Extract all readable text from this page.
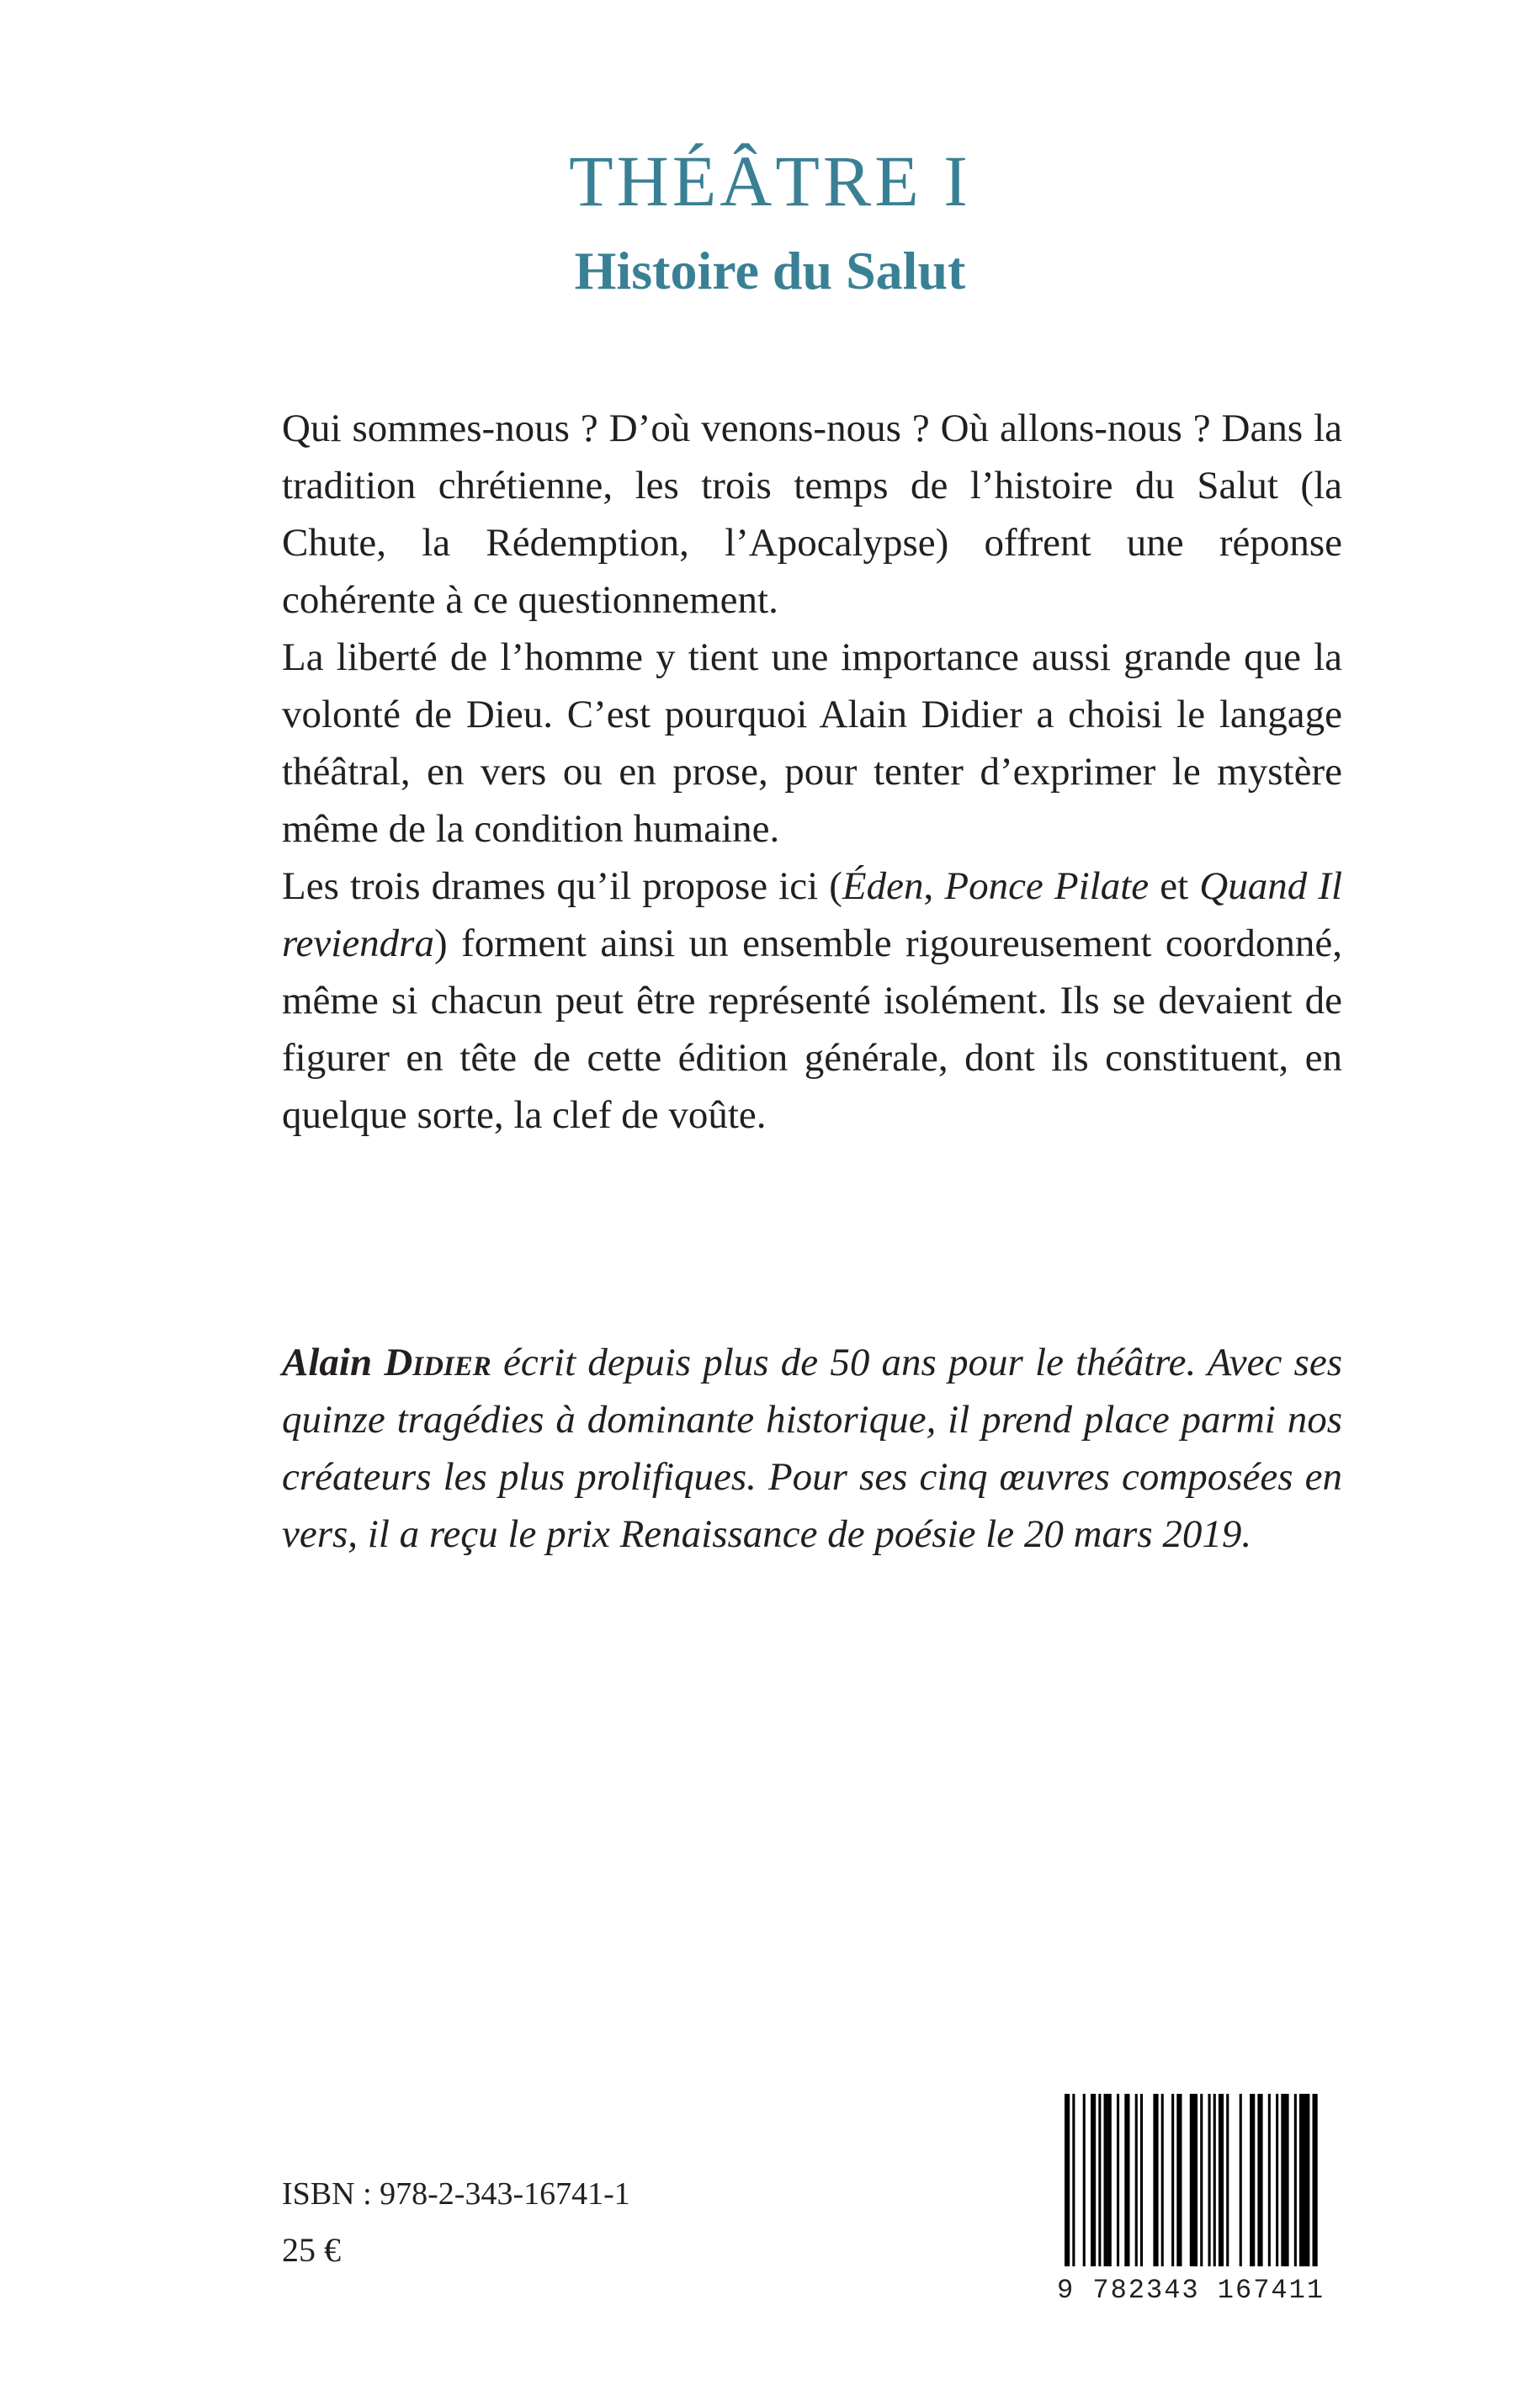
THÉÂTRE I
Histoire du Salut

Qui sommes-nous ? D’où venons-nous ? Où allons-nous ? Dans la tradition chrétienne, les trois temps de l’histoire du Salut (la Chute, la Rédemption, l’Apocalypse) offrent une réponse cohérente à ce questionnement.

La liberté de l’homme y tient une importance aussi grande que la volonté de Dieu. C’est pourquoi Alain Didier a choisi le langage théâtral, en vers ou en prose, pour tenter d’exprimer le mystère même de la condition humaine.

Les trois drames qu’il propose ici (Éden, Ponce Pilate et Quand Il reviendra) forment ainsi un ensemble rigoureusement coordonné, même si chacun peut être représenté isolément. Ils se devaient de figurer en tête de cette édition générale, dont ils constituent, en quelque sorte, la clef de voûte.

Alain Didier écrit depuis plus de 50 ans pour le théâtre. Avec ses quinze tragédies à dominante historique, il prend place parmi nos créateurs les plus prolifiques. Pour ses cinq œuvres composées en vers, il a reçu le prix Renaissance de poésie le 20 mars 2019.

ISBN : 978-2-343-16741-1

25 €

9 782343 167411
